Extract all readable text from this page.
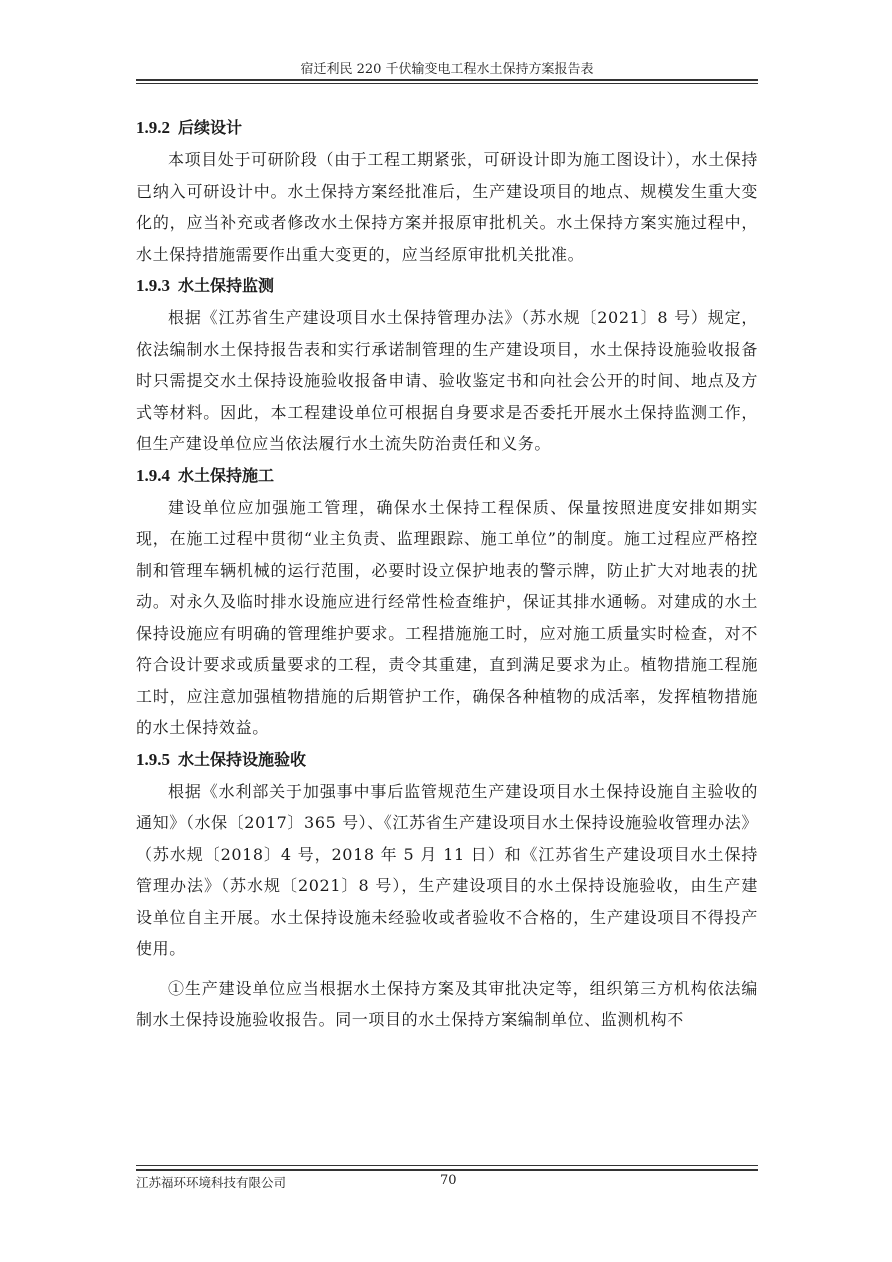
宿迁利民 220 千伏输变电工程水土保持方案报告表
1.9.2 后续设计

本项目处于可研阶段（由于工程工期紧张，可研设计即为施工图设计），水土保持已纳入可研设计中。水土保持方案经批准后，生产建设项目的地点、规模发生重大变化的，应当补充或者修改水土保持方案并报原审批机关。水土保持方案实施过程中，水土保持措施需要作出重大变更的，应当经原审批机关批准。

1.9.3 水土保持监测

根据《江苏省生产建设项目水土保持管理办法》（苏水规〔2021〕8 号）规定，依法编制水土保持报告表和实行承诺制管理的生产建设项目，水土保持设施验收报备时只需提交水土保持设施验收报备申请、验收鉴定书和向社会公开的时间、地点及方式等材料。因此，本工程建设单位可根据自身要求是否委托开展水土保持监测工作，但生产建设单位应当依法履行水土流失防治责任和义务。

1.9.4 水土保持施工

建设单位应加强施工管理，确保水土保持工程保质、保量按照进度安排如期实现，在施工过程中贯彻“业主负责、监理跟踪、施工单位”的制度。施工过程应严格控制和管理车辆机械的运行范围，必要时设立保护地表的警示牌，防止扩大对地表的扰动。对永久及临时排水设施应进行经常性检查维护，保证其排水通畅。对建成的水土保持设施应有明确的管理维护要求。工程措施施工时，应对施工质量实时检查，对不符合设计要求或质量要求的工程，责令其重建，直到满足要求为止。植物措施工程施工时，应注意加强植物措施的后期管护工作，确保各种植物的成活率，发挥植物措施的水土保持效益。

1.9.5 水土保持设施验收

根据《水利部关于加强事中事后监管规范生产建设项目水土保持设施自主验收的通知》（水保〔2017〕365 号）、《江苏省生产建设项目水土保持设施验收管理办法》（苏水规〔2018〕4 号，2018 年 5 月 11 日）和《江苏省生产建设项目水土保持管理办法》（苏水规〔2021〕8 号），生产建设项目的水土保持设施验收，由生产建设单位自主开展。水土保持设施未经验收或者验收不合格的，生产建设项目不得投产使用。

①生产建设单位应当根据水土保持方案及其审批决定等，组织第三方机构依法编制水土保持设施验收报告。同一项目的水土保持方案编制单位、监测机构不

江苏福环环境科技有限公司	70
